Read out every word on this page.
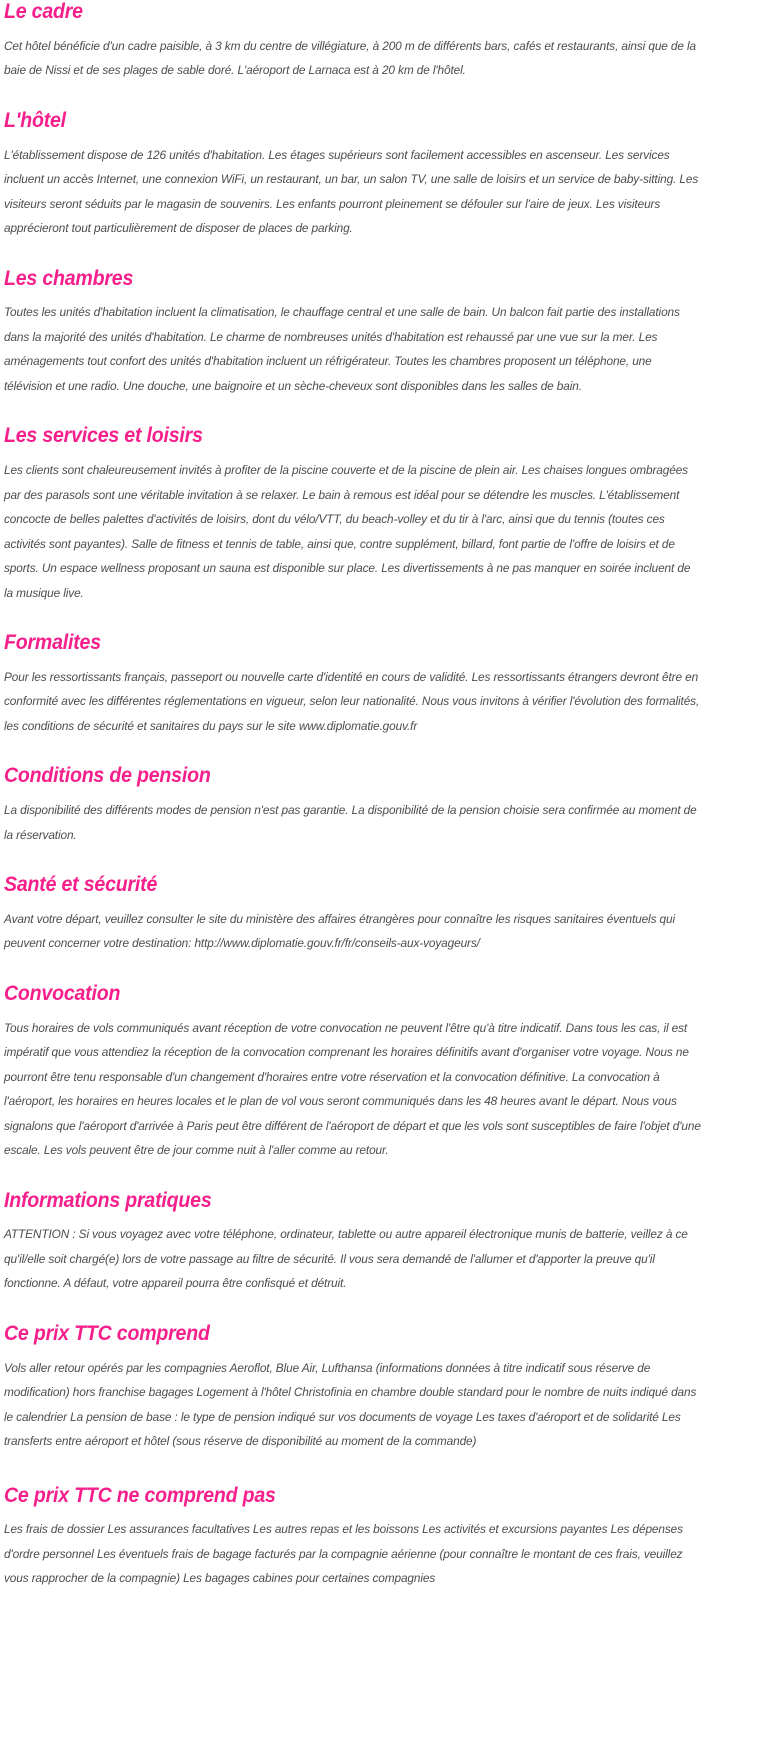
Le cadre

Cet hôtel bénéficie d'un cadre paisible, à 3 km du centre de villégiature, à 200 m de différents bars, cafés et restaurants, ainsi que de la baie de Nissi et de ses plages de sable doré. L'aéroport de Larnaca est à 20 km de l'hôtel.

L'hôtel

L'établissement dispose de 126 unités d'habitation. Les étages supérieurs sont facilement accessibles en ascenseur. Les services incluent un accès Internet, une connexion WiFi, un restaurant, un bar, un salon TV, une salle de loisirs et un service de baby-sitting. Les visiteurs seront séduits par le magasin de souvenirs. Les enfants pourront pleinement se défouler sur l'aire de jeux. Les visiteurs apprécieront tout particulièrement de disposer de places de parking.

Les chambres

Toutes les unités d'habitation incluent la climatisation, le chauffage central et une salle de bain. Un balcon fait partie des installations dans la majorité des unités d'habitation. Le charme de nombreuses unités d'habitation est rehaussé par une vue sur la mer. Les aménagements tout confort des unités d'habitation incluent un réfrigérateur. Toutes les chambres proposent un téléphone, une télévision et une radio. Une douche, une baignoire et un sèche-cheveux sont disponibles dans les salles de bain.

Les services et loisirs

Les clients sont chaleureusement invités à profiter de la piscine couverte et de la piscine de plein air. Les chaises longues ombragées par des parasols sont une véritable invitation à se relaxer. Le bain à remous est idéal pour se détendre les muscles. L'établissement concocte de belles palettes d'activités de loisirs, dont du vélo/VTT, du beach-volley et du tir à l'arc, ainsi que du tennis (toutes ces activités sont payantes). Salle de fitness et tennis de table, ainsi que, contre supplément, billard, font partie de l'offre de loisirs et de sports. Un espace wellness proposant un sauna est disponible sur place. Les divertissements à ne pas manquer en soirée incluent de la musique live.

Formalites

Pour les ressortissants français, passeport ou nouvelle carte d'identité en cours de validité. Les ressortissants étrangers devront être en conformité avec les différentes réglementations en vigueur, selon leur nationalité. Nous vous invitons à vérifier l'évolution des formalités, les conditions de sécurité et sanitaires du pays sur le site www.diplomatie.gouv.fr

Conditions de pension

La disponibilité des différents modes de pension n'est pas garantie. La disponibilité de la pension choisie sera confirmée au moment de la réservation.

Santé et sécurité

Avant votre départ, veuillez consulter le site du ministère des affaires étrangères pour connaître les risques sanitaires éventuels qui peuvent concerner votre destination: http://www.diplomatie.gouv.fr/fr/conseils-aux-voyageurs/

Convocation

Tous horaires de vols communiqués avant réception de votre convocation ne peuvent l'être qu'à titre indicatif. Dans tous les cas, il est impératif que vous attendiez la réception de la convocation comprenant les horaires définitifs avant d'organiser votre voyage. Nous ne pourront être tenu responsable d'un changement d'horaires entre votre réservation et la convocation définitive. La convocation à l'aéroport, les horaires en heures locales et le plan de vol vous seront communiqués dans les 48 heures avant le départ. Nous vous signalons que l'aéroport d'arrivée à Paris peut être différent de l'aéroport de départ et que les vols sont susceptibles de faire l'objet d'une escale. Les vols peuvent être de jour comme nuit à l'aller comme au retour.

Informations pratiques

ATTENTION : Si vous voyagez avec votre téléphone, ordinateur, tablette ou autre appareil électronique munis de batterie, veillez à ce qu'il/elle soit chargé(e) lors de votre passage au filtre de sécurité. Il vous sera demandé de l'allumer et d'apporter la preuve qu'il fonctionne. A défaut, votre appareil pourra être confisqué et détruit.

Ce prix TTC comprend

Vols aller retour opérés par les compagnies Aeroflot, Blue Air, Lufthansa (informations données à titre indicatif sous réserve de modification) hors franchise bagages Logement à l'hôtel Christofinia en chambre double standard pour le nombre de nuits indiqué dans le calendrier La pension de base : le type de pension indiqué sur vos documents de voyage Les taxes d'aéroport et de solidarité Les transferts entre aéroport et hôtel (sous réserve de disponibilité au moment de la commande)

Ce prix TTC ne comprend pas

Les frais de dossier Les assurances facultatives Les autres repas et les boissons Les activités et excursions payantes Les dépenses d'ordre personnel Les éventuels frais de bagage facturés par la compagnie aérienne (pour connaître le montant de ces frais, veuillez vous rapprocher de la compagnie) Les bagages cabines pour certaines compagnies
